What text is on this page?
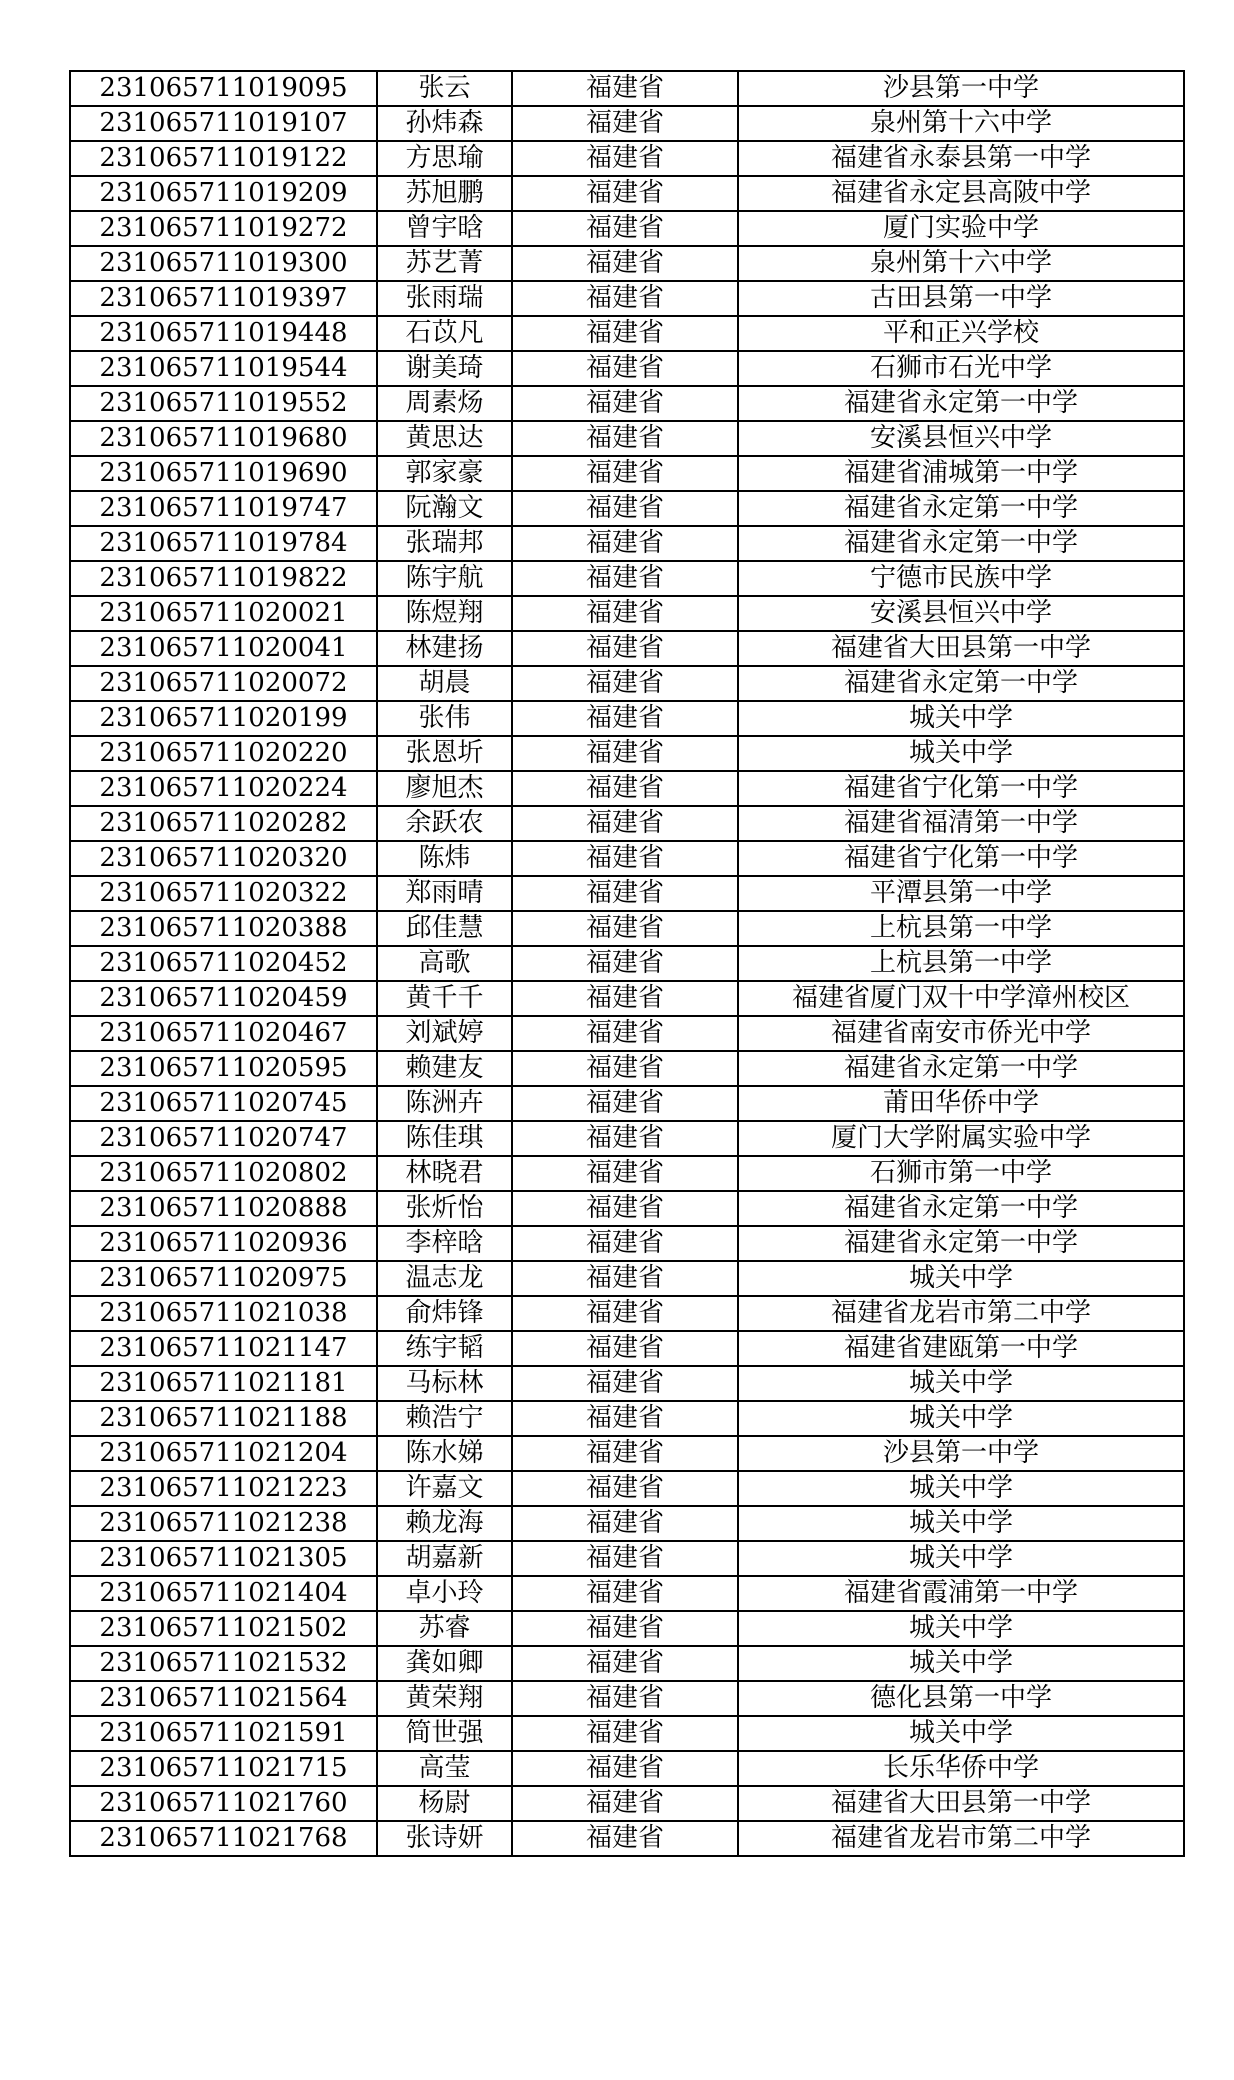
231065711019095	张云	福建省	沙县第一中学
231065711019107	孙炜森	福建省	泉州第十六中学
231065711019122	方思瑜	福建省	福建省永泰县第一中学
231065711019209	苏旭鹏	福建省	福建省永定县高陂中学
231065711019272	曾宇晗	福建省	厦门实验中学
231065711019300	苏艺菁	福建省	泉州第十六中学
231065711019397	张雨瑞	福建省	古田县第一中学
231065711019448	石苡凡	福建省	平和正兴学校
231065711019544	谢美琦	福建省	石狮市石光中学
231065711019552	周素炀	福建省	福建省永定第一中学
231065711019680	黄思达	福建省	安溪县恒兴中学
231065711019690	郭家豪	福建省	福建省浦城第一中学
231065711019747	阮瀚文	福建省	福建省永定第一中学
231065711019784	张瑞邦	福建省	福建省永定第一中学
231065711019822	陈宇航	福建省	宁德市民族中学
231065711020021	陈煜翔	福建省	安溪县恒兴中学
231065711020041	林建扬	福建省	福建省大田县第一中学
231065711020072	胡晨	福建省	福建省永定第一中学
231065711020199	张伟	福建省	城关中学
231065711020220	张恩圻	福建省	城关中学
231065711020224	廖旭杰	福建省	福建省宁化第一中学
231065711020282	余跃农	福建省	福建省福清第一中学
231065711020320	陈炜	福建省	福建省宁化第一中学
231065711020322	郑雨晴	福建省	平潭县第一中学
231065711020388	邱佳慧	福建省	上杭县第一中学
231065711020452	高歌	福建省	上杭县第一中学
231065711020459	黄千千	福建省	福建省厦门双十中学漳州校区
231065711020467	刘斌婷	福建省	福建省南安市侨光中学
231065711020595	赖建友	福建省	福建省永定第一中学
231065711020745	陈洲卉	福建省	莆田华侨中学
231065711020747	陈佳琪	福建省	厦门大学附属实验中学
231065711020802	林晓君	福建省	石狮市第一中学
231065711020888	张炘怡	福建省	福建省永定第一中学
231065711020936	李梓晗	福建省	福建省永定第一中学
231065711020975	温志龙	福建省	城关中学
231065711021038	俞炜锋	福建省	福建省龙岩市第二中学
231065711021147	练宇韬	福建省	福建省建瓯第一中学
231065711021181	马标林	福建省	城关中学
231065711021188	赖浩宁	福建省	城关中学
231065711021204	陈水娣	福建省	沙县第一中学
231065711021223	许嘉文	福建省	城关中学
231065711021238	赖龙海	福建省	城关中学
231065711021305	胡嘉新	福建省	城关中学
231065711021404	卓小玲	福建省	福建省霞浦第一中学
231065711021502	苏睿	福建省	城关中学
231065711021532	龚如卿	福建省	城关中学
231065711021564	黄荣翔	福建省	德化县第一中学
231065711021591	简世强	福建省	城关中学
231065711021715	高莹	福建省	长乐华侨中学
231065711021760	杨尉	福建省	福建省大田县第一中学
231065711021768	张诗妍	福建省	福建省龙岩市第二中学
